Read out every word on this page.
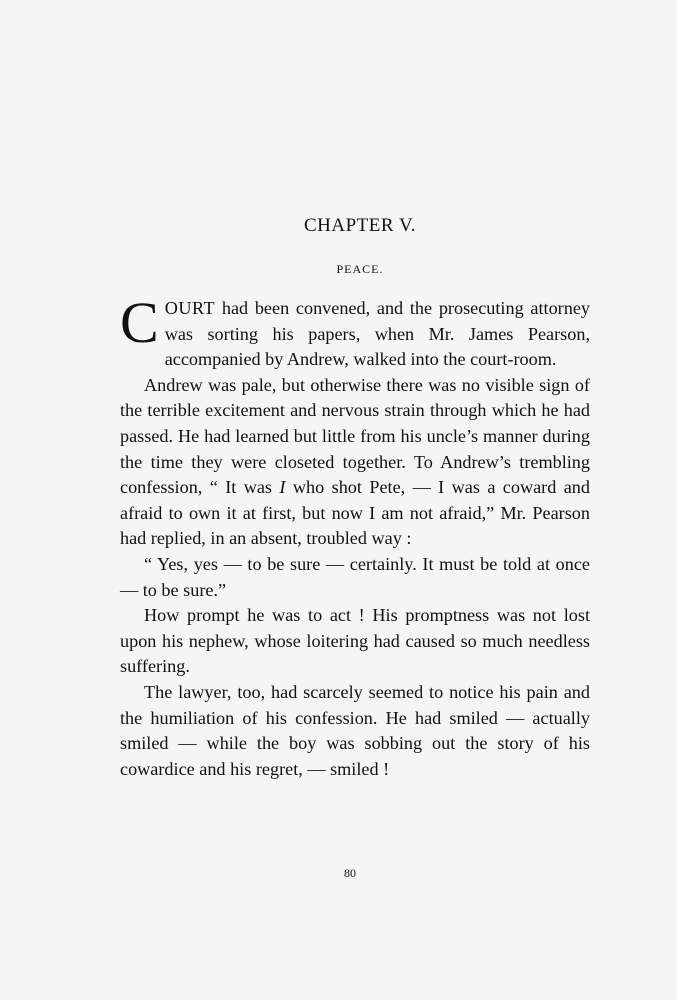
CHAPTER V.
PEACE.

COURT had been convened, and the prosecuting attorney was sorting his papers, when Mr. James Pearson, accompanied by Andrew, walked into the court-room.

Andrew was pale, but otherwise there was no visible sign of the terrible excitement and nervous strain through which he had passed. He had learned but little from his uncle’s manner during the time they were closeted together. To Andrew’s trembling confession, “ It was I who shot Pete, — I was a coward and afraid to own it at first, but now I am not afraid,” Mr. Pearson had replied, in an absent, troubled way :

“ Yes, yes — to be sure — certainly. It must be told at once — to be sure.”

How prompt he was to act ! His promptness was not lost upon his nephew, whose loitering had caused so much needless suffering.

The lawyer, too, had scarcely seemed to notice his pain and the humiliation of his confession. He had smiled — actually smiled — while the boy was sobbing out the story of his cowardice and his regret, — smiled !

80
